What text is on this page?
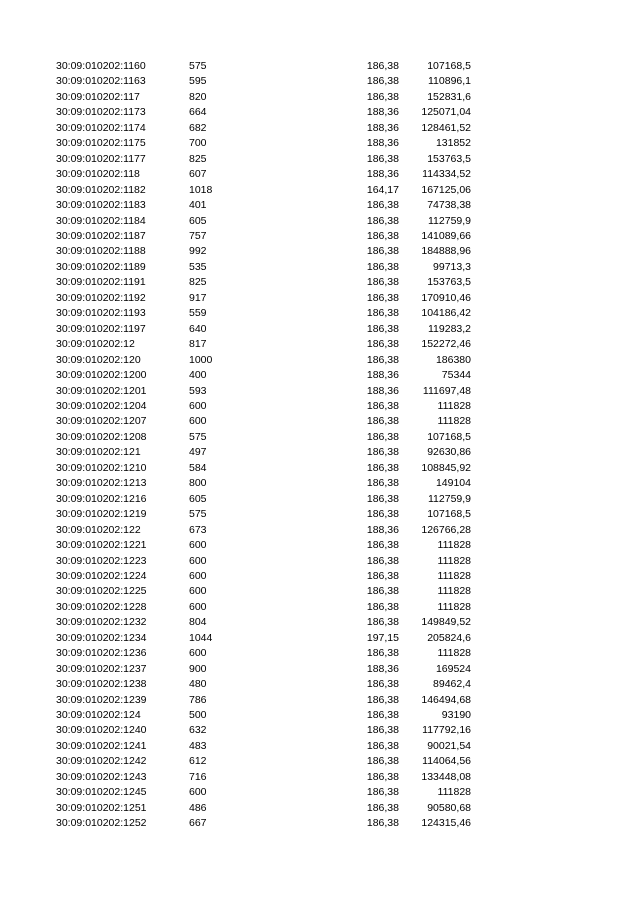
30:09:010202:1160	575		186,38	107168,5
30:09:010202:1163	595		186,38	110896,1
30:09:010202:117	820		186,38	152831,6
30:09:010202:1173	664		188,36	125071,04
30:09:010202:1174	682		188,36	128461,52
30:09:010202:1175	700		188,36	131852
30:09:010202:1177	825		186,38	153763,5
30:09:010202:118	607		188,36	114334,52
30:09:010202:1182	1018		164,17	167125,06
30:09:010202:1183	401		186,38	74738,38
30:09:010202:1184	605		186,38	112759,9
30:09:010202:1187	757		186,38	141089,66
30:09:010202:1188	992		186,38	184888,96
30:09:010202:1189	535		186,38	99713,3
30:09:010202:1191	825		186,38	153763,5
30:09:010202:1192	917		186,38	170910,46
30:09:010202:1193	559		186,38	104186,42
30:09:010202:1197	640		186,38	119283,2
30:09:010202:12	817		186,38	152272,46
30:09:010202:120	1000		186,38	186380
30:09:010202:1200	400		188,36	75344
30:09:010202:1201	593		188,36	111697,48
30:09:010202:1204	600		186,38	111828
30:09:010202:1207	600		186,38	111828
30:09:010202:1208	575		186,38	107168,5
30:09:010202:121	497		186,38	92630,86
30:09:010202:1210	584		186,38	108845,92
30:09:010202:1213	800		186,38	149104
30:09:010202:1216	605		186,38	112759,9
30:09:010202:1219	575		186,38	107168,5
30:09:010202:122	673		188,36	126766,28
30:09:010202:1221	600		186,38	111828
30:09:010202:1223	600		186,38	111828
30:09:010202:1224	600		186,38	111828
30:09:010202:1225	600		186,38	111828
30:09:010202:1228	600		186,38	111828
30:09:010202:1232	804		186,38	149849,52
30:09:010202:1234	1044		197,15	205824,6
30:09:010202:1236	600		186,38	111828
30:09:010202:1237	900		188,36	169524
30:09:010202:1238	480		186,38	89462,4
30:09:010202:1239	786		186,38	146494,68
30:09:010202:124	500		186,38	93190
30:09:010202:1240	632		186,38	117792,16
30:09:010202:1241	483		186,38	90021,54
30:09:010202:1242	612		186,38	114064,56
30:09:010202:1243	716		186,38	133448,08
30:09:010202:1245	600		186,38	111828
30:09:010202:1251	486		186,38	90580,68
30:09:010202:1252	667		186,38	124315,46
